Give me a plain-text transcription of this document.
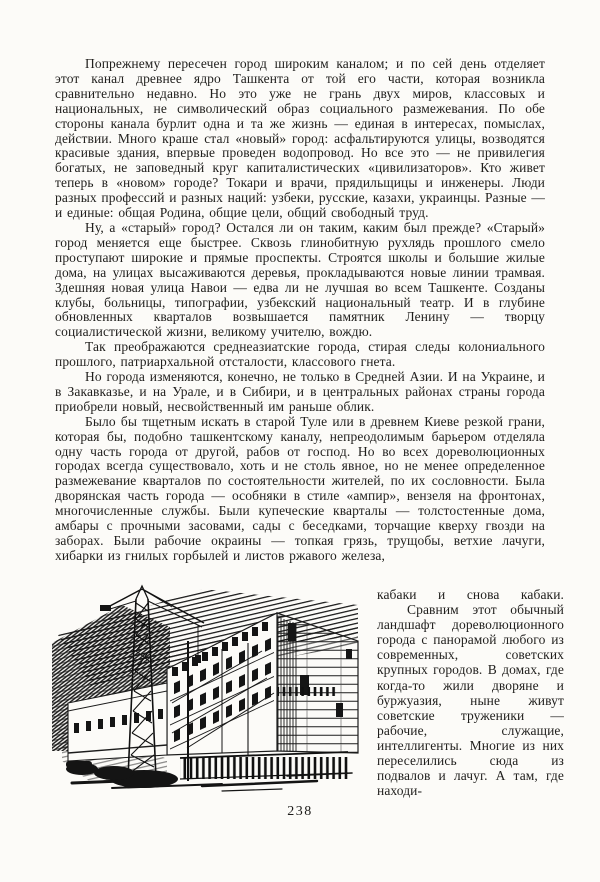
Попрежнему пересечен город широким каналом; и по сей день отделяет этот канал древнее ядро Ташкента от той его части, которая возникла сравнительно недавно. Но это уже не грань двух миров, классовых и национальных, не символический образ социального размежевания. По обе стороны канала бурлит одна и та же жизнь — единая в интересах, помыслах, действии. Много краше стал «новый» город: асфальтируются улицы, возводятся красивые здания, впервые проведен водопровод. Но все это — не привилегия богатых, не заповедный круг капиталистических «цивилизаторов». Кто живет теперь в «новом» городе? Токари и врачи, прядильщицы и инженеры. Люди разных профессий и разных наций: узбеки, русские, казахи, украинцы. Разные — и единые: общая Родина, общие цели, общий свободный труд.

Ну, а «старый» город? Остался ли он таким, каким был прежде? «Старый» город меняется еще быстрее. Сквозь глинобитную рухлядь прошлого смело проступают широкие и прямые проспекты. Строятся школы и большие жилые дома, на улицах высаживаются деревья, прокладываются новые линии трамвая. Здешняя новая улица Навои — едва ли не лучшая во всем Ташкенте. Созданы клубы, больницы, типографии, узбекский национальный театр. И в глубине обновленных кварталов возвышается памятник Ленину — творцу социалистической жизни, великому учителю, вождю.

Так преображаются среднеазиатские города, стирая следы колониального прошлого, патриархальной отсталости, классового гнета.

Но города изменяются, конечно, не только в Средней Азии. И на Украине, и в Закавказье, и на Урале, и в Сибири, и в центральных районах страны города приобрели новый, несвойственный им раньше облик.

Было бы тщетным искать в старой Туле или в древнем Киеве резкой грани, которая бы, подобно ташкентскому каналу, непреодолимым барьером отделяла одну часть города от другой, рабов от господ. Но во всех дореволюционных городах всегда существовало, хоть и не столь явное, но не менее определенное размежевание кварталов по состоятельности жителей, по их сословности. Была дворянская часть города — особняки в стиле «ампир», вензеля на фронтонах, многочисленные службы. Были купеческие кварталы — толстостенные дома, амбары с прочными засовами, сады с беседками, торчащие кверху гвозди на заборах. Были рабочие окраины — топкая грязь, трущобы, ветхие лачуги, хибарки из гнилых горбылей и листов ржавого железа,

кабаки и снова кабаки.

Сравним этот обычный ландшафт дореволюционного города с панорамой любого из современных, советских крупных городов. В домах, где когда-то жили дворяне и буржуазия, ныне живут советские труженики — рабочие, служащие, интеллигенты. Многие из них переселились сюда из подвалов и лачуг. А там, где находи-

238
